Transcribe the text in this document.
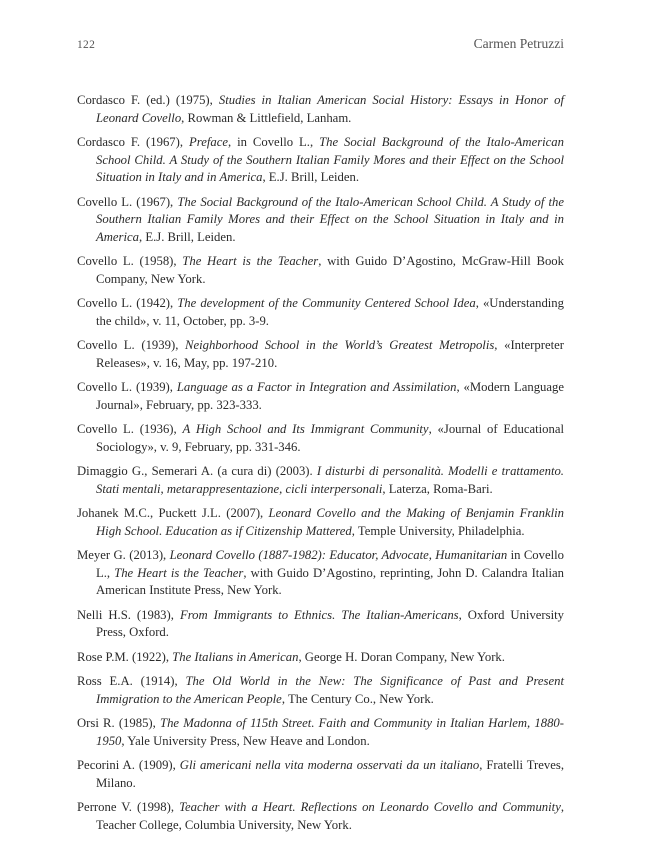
122	Carmen Petruzzi

Cordasco F. (ed.) (1975), Studies in Italian American Social History: Essays in Honor of Leonard Covello, Rowman & Littlefield, Lanham.

Cordasco F. (1967), Preface, in Covello L., The Social Background of the Italo-American School Child. A Study of the Southern Italian Family Mores and their Effect on the School Situation in Italy and in America, E.J. Brill, Leiden.

Covello L. (1967), The Social Background of the Italo-American School Child. A Study of the Southern Italian Family Mores and their Effect on the School Situation in Italy and in America, E.J. Brill, Leiden.

Covello L. (1958), The Heart is the Teacher, with Guido D’Agostino, McGraw-Hill Book Company, New York.

Covello L. (1942), The development of the Community Centered School Idea, «Understanding the child», v. 11, October, pp. 3-9.

Covello L. (1939), Neighborhood School in the World’s Greatest Metropolis, «Interpreter Releases», v. 16, May, pp. 197-210.

Covello L. (1939), Language as a Factor in Integration and Assimilation, «Modern Language Journal», February, pp. 323-333.

Covello L. (1936), A High School and Its Immigrant Community, «Journal of Educational Sociology», v. 9, February, pp. 331-346.

Dimaggio G., Semerari A. (a cura di) (2003). I disturbi di personalità. Modelli e trattamento. Stati mentali, metarappresentazione, cicli interpersonali, Laterza, Roma-Bari.

Johanek M.C., Puckett J.L. (2007), Leonard Covello and the Making of Benjamin Franklin High School. Education as if Citizenship Mattered, Temple University, Philadelphia.

Meyer G. (2013), Leonard Covello (1887-1982): Educator, Advocate, Humanitarian in Covello L., The Heart is the Teacher, with Guido D’Agostino, reprinting, John D. Calandra Italian American Institute Press, New York.

Nelli H.S. (1983), From Immigrants to Ethnics. The Italian-Americans, Oxford University Press, Oxford.

Rose P.M. (1922), The Italians in American, George H. Doran Company, New York.

Ross E.A. (1914), The Old World in the New: The Significance of Past and Present Immigration to the American People, The Century Co., New York.

Orsi R. (1985), The Madonna of 115th Street. Faith and Community in Italian Harlem, 1880-1950, Yale University Press, New Heave and London.

Pecorini A. (1909), Gli americani nella vita moderna osservati da un italiano, Fratelli Treves, Milano.

Perrone V. (1998), Teacher with a Heart. Reflections on Leonardo Covello and Community, Teacher College, Columbia University, New York.
